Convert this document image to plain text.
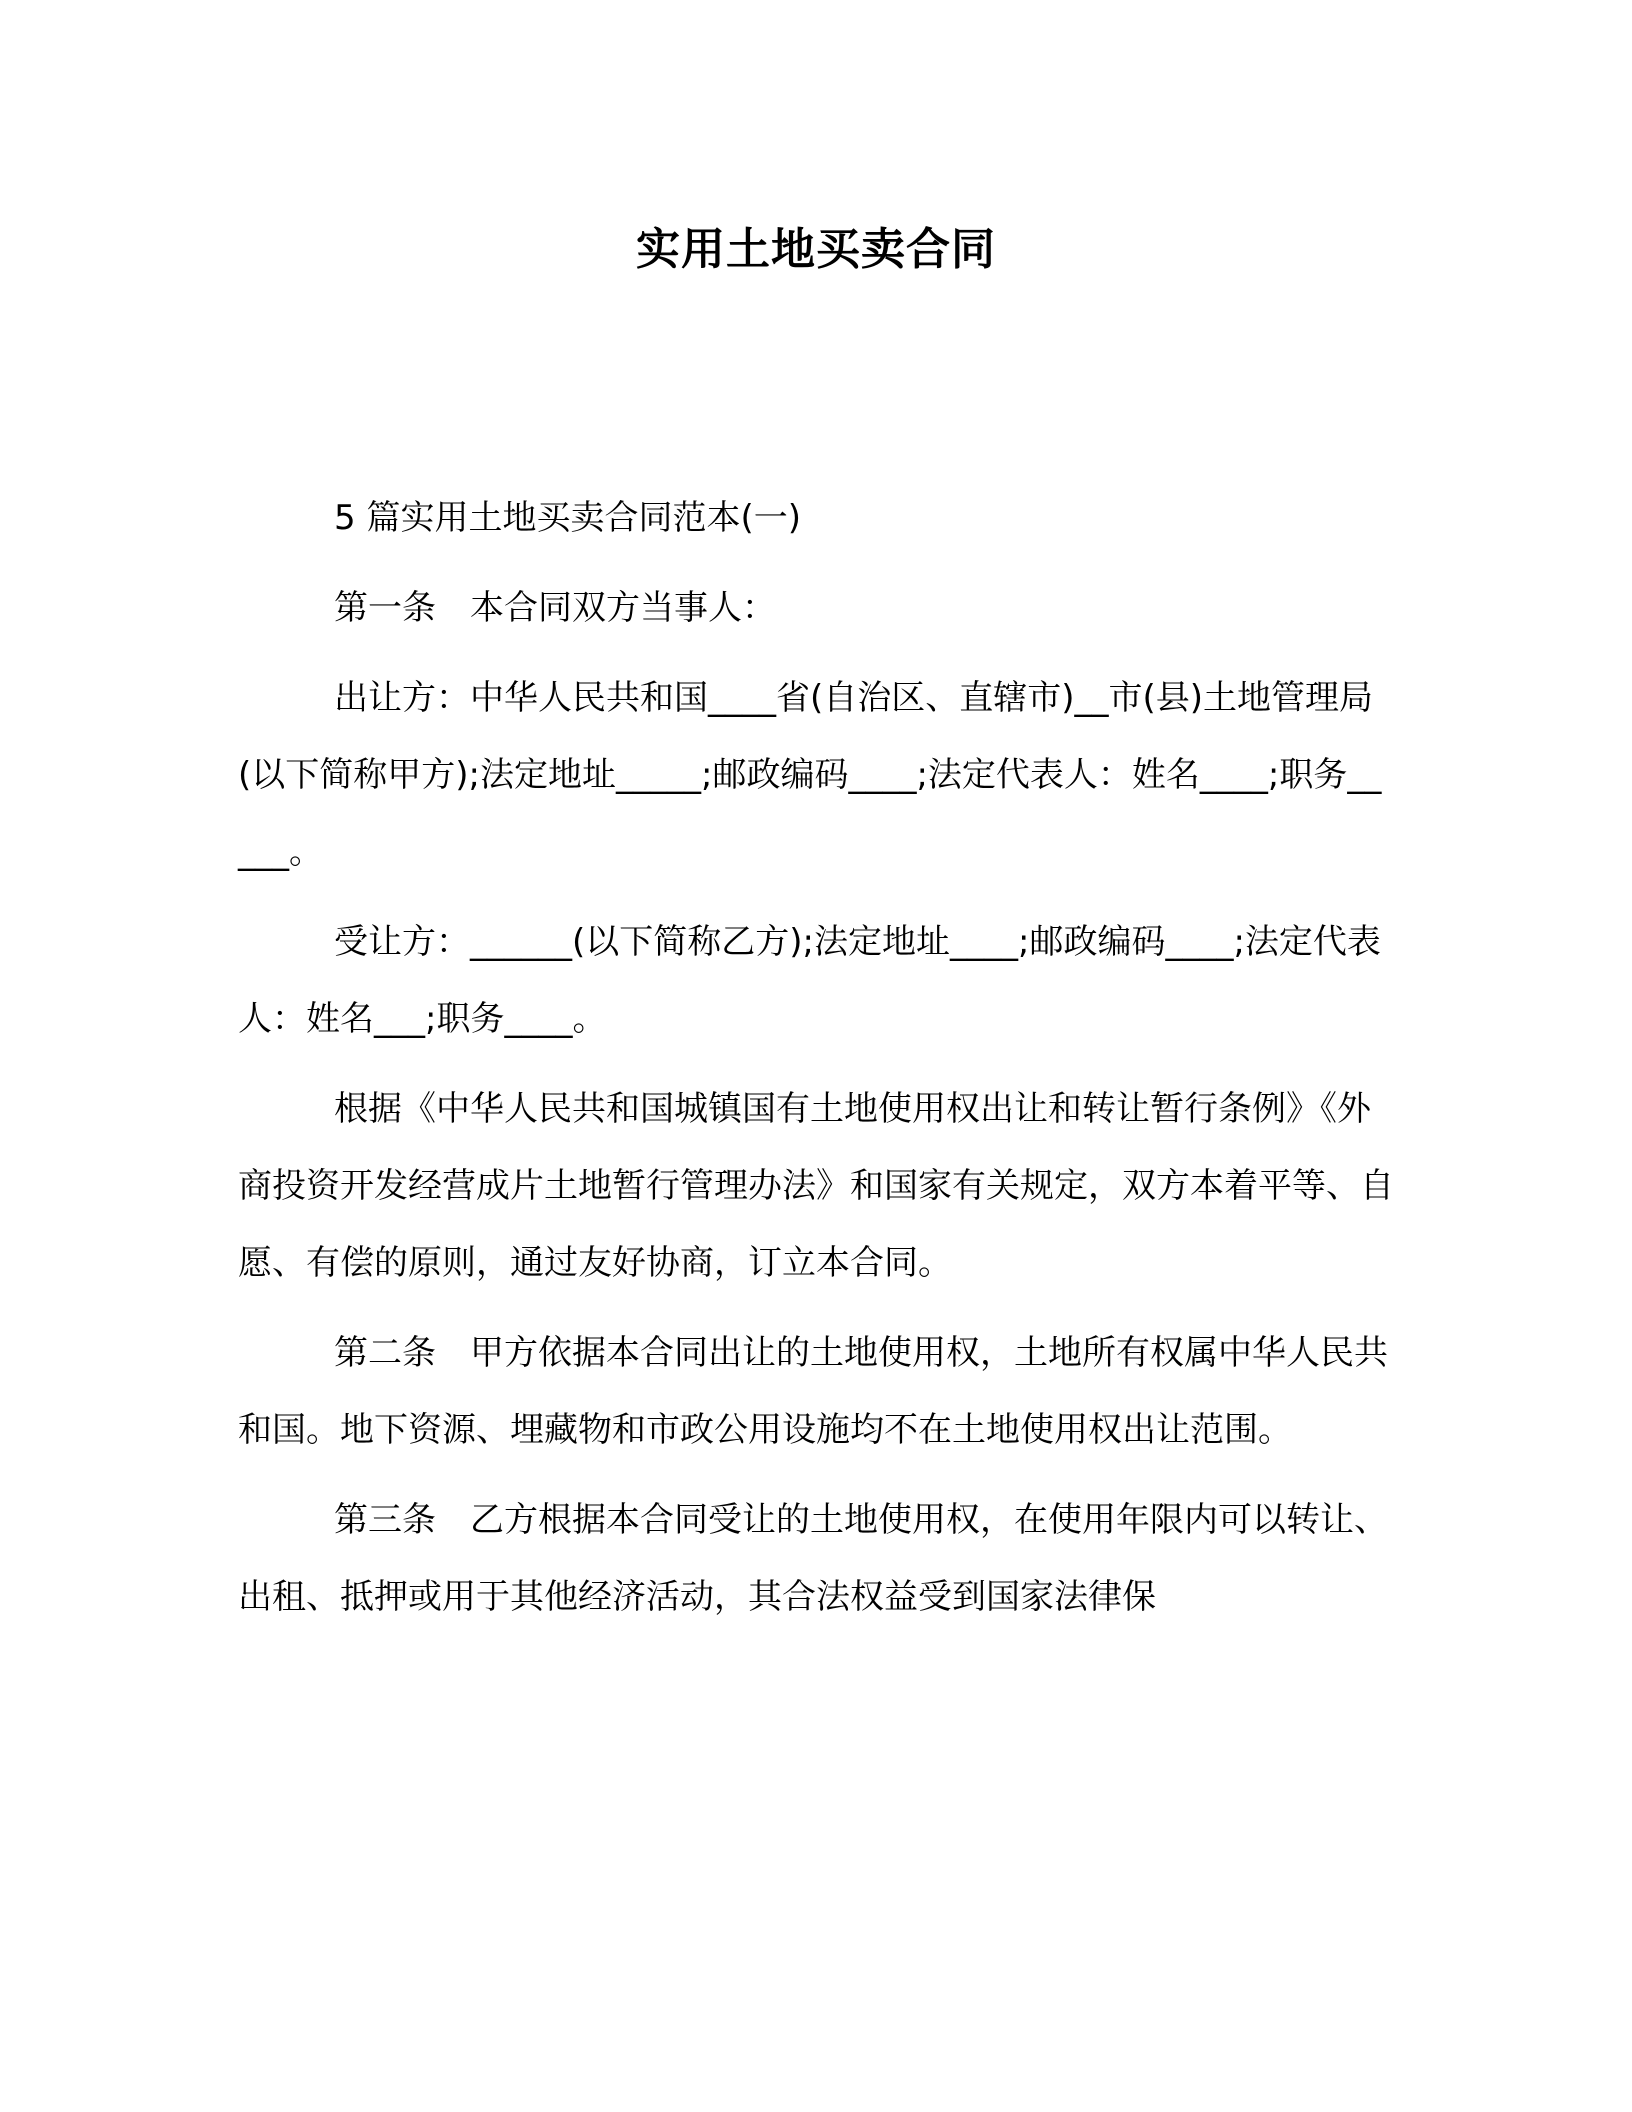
实用土地买卖合同

5 篇实用土地买卖合同范本(一)

第一条　本合同双方当事人：

出让方：中华人民共和国____省(自治区、直辖市)__市(县)土地管理局(以下简称甲方);法定地址_____;邮政编码____;法定代表人：姓名____;职务_____。

受让方：______(以下简称乙方);法定地址____;邮政编码____;法定代表人：姓名___;职务____。

根据《中华人民共和国城镇国有土地使用权出让和转让暂行条例》《外商投资开发经营成片土地暂行管理办法》和国家有关规定，双方本着平等、自愿、有偿的原则，通过友好协商，订立本合同。

第二条　甲方依据本合同出让的土地使用权，土地所有权属中华人民共和国。地下资源、埋藏物和市政公用设施均不在土地使用权出让范围。

第三条　乙方根据本合同受让的土地使用权，在使用年限内可以转让、出租、抵押或用于其他经济活动，其合法权益受到国家法律保
